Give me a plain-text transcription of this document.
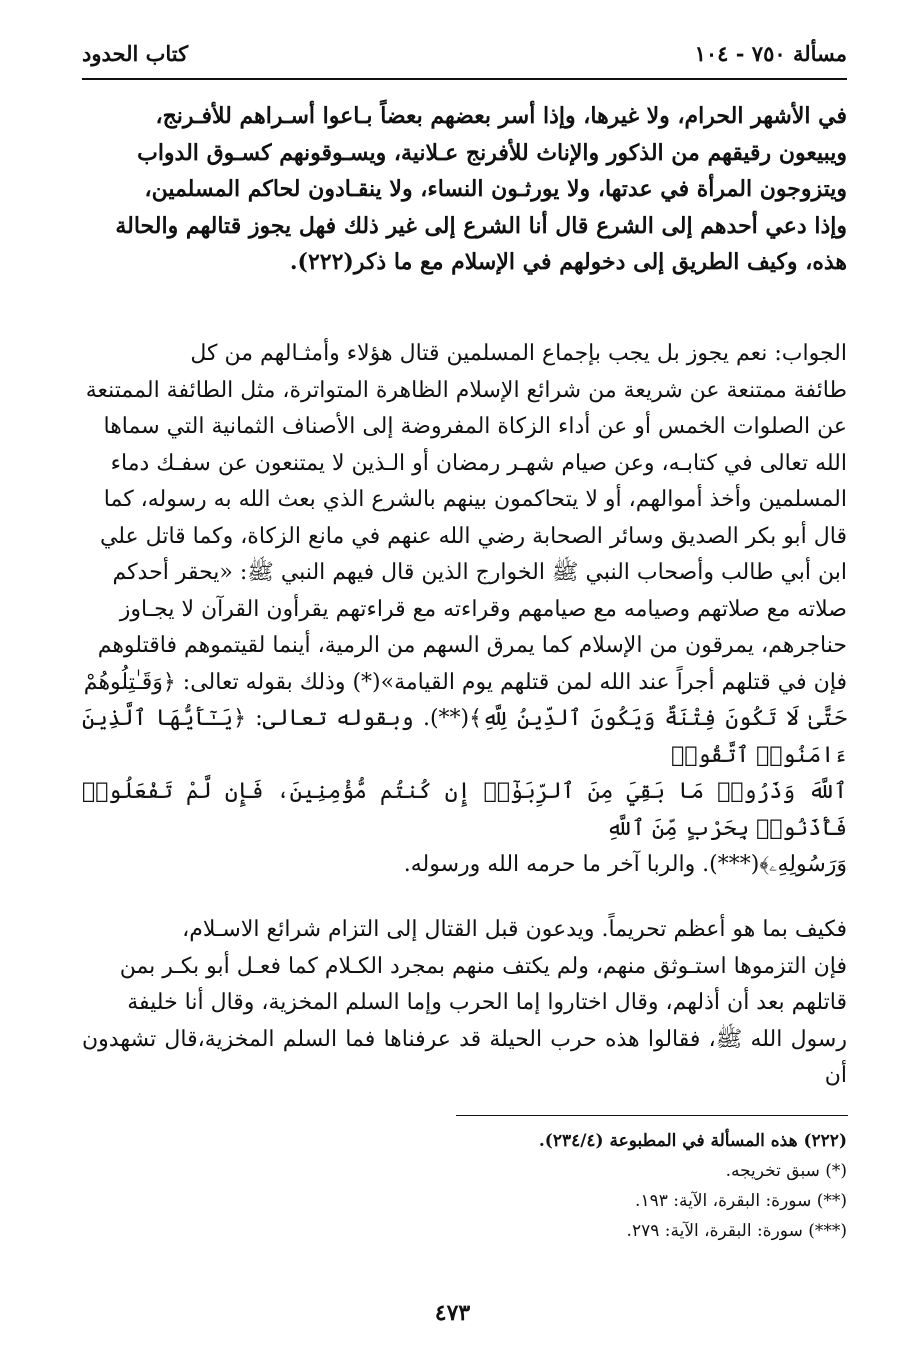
مسألة ٧٥٠ - ١٠٤
كتاب الحدود

في الأشهر الحرام، ولا غيرها، وإذا أسر بعضهم بعضاً بـاعوا أسـراهم للأفـرنج،

ويبيعون رقيقهم من الذكور والإناث للأفرنج عـلانية، ويسـوقونهم كسـوق الدواب

ويتزوجون المرأة في عدتها، ولا يورثـون النساء، ولا ينقـادون لحاكم المسلمين،

وإذا دعي أحدهم إلى الشرع قال أنا الشرع إلى غير ذلك فهل يجوز قتالهم والحالة

هذه، وكيف الطريق إلى دخولهم في الإسلام مع ما ذكر(٢٢٢).

الجواب: نعم يجوز بل يجب بإجماع المسلمين قتال هؤلاء وأمثـالهم من كل

طائفة ممتنعة عن شريعة من شرائع الإسلام الظاهرة المتواترة، مثل الطائفة الممتنعة

عن الصلوات الخمس أو عن أداء الزكاة المفروضة إلى الأصناف الثمانية التي سماها

الله تعالى في كتابـه، وعن صيام شهـر رمضان أو الـذين لا يمتنعون عن سفـك دماء

المسلمين وأخذ أموالهم، أو لا يتحاكمون بينهم بالشرع الذي بعث الله به رسوله، كما

قال أبو بكر الصديق وسائر الصحابة رضي الله عنهم في مانع الزكاة، وكما قاتل علي

ابن أبي طالب وأصحاب النبي ﷺ الخوارج الذين قال فيهم النبي ﷺ: «يحقر أحدكم

صلاته مع صلاتهم وصيامه مع صيامهم وقراءته مع قراءتهم يقرأون القرآن لا يجـاوز

حناجرهم، يمرقون من الإسلام كما يمرق السهم من الرمية، أينما لقيتموهم فاقتلوهم

فإن في قتلهم أجراً عند الله لمن قتلهم يوم القيامة»(*) وذلك بقوله تعالى: ﴿وَقَـٰتِلُوهُمْ

حَتَّىٰ لَا تَكُونَ فِتْنَةٌ وَيَكُونَ ٱلدِّينُ لِلَّهِ﴾(**). وبقوله تعالى: ﴿يَـٰٓأَيُّهَا ٱلَّذِينَ ءَامَنُوا۟ ٱتَّقُوا۟

ٱللَّهَ وَذَرُوا۟ مَا بَقِيَ مِنَ ٱلرِّبَوٰٓا۟ إِن كُنتُم مُّؤْمِنِينَ، فَإِن لَّمْ تَفْعَلُوا۟ فَأْذَنُوا۟ بِحَرْبٍ مِّنَ ٱللَّهِ

وَرَسُولِهِۦ﴾(***). والربا آخر ما حرمه الله ورسوله.

فكيف بما هو أعظم تحريماً. ويدعون قبل القتال إلى التزام شرائع الاسـلام،

فإن التزموها استـوثق منهم، ولم يكتف منهم بمجرد الكـلام كما فعـل أبو بكـر بمن

قاتلهم بعد أن أذلهم، وقال اختاروا إما الحرب وإما السلم المخزية، وقال أنا خليفة

رسول الله ﷺ، فقالوا هذه حرب الحيلة قد عرفناها فما السلم المخزية،قال تشهدون أن

(٢٢٢) هذه المسألة في المطبوعة (٢٣٤/٤).

(*) سبق تخريجه.

(**) سورة: البقرة، الآية: ١٩٣.

(***) سورة: البقرة، الآية: ٢٧٩.

٤٧٣
